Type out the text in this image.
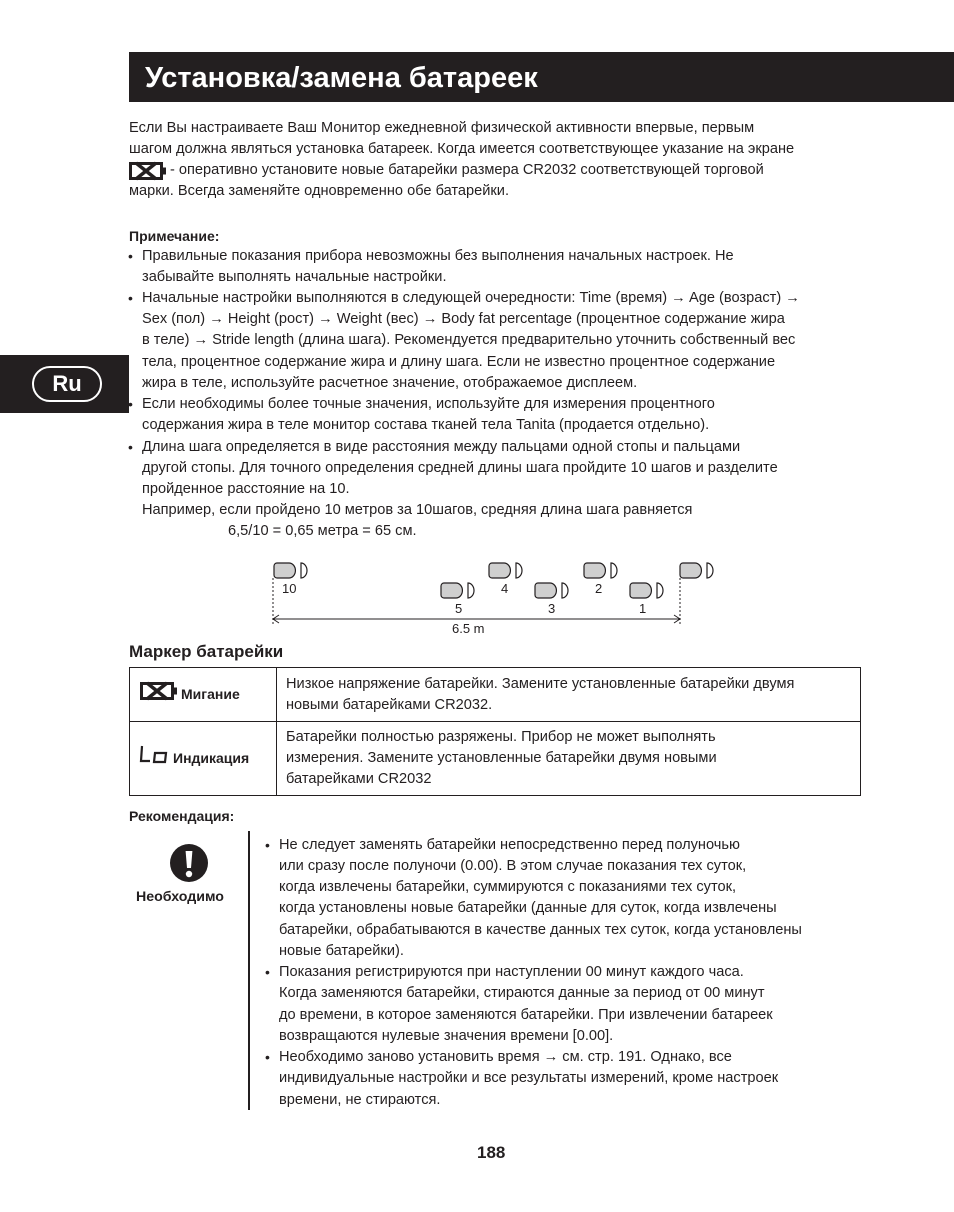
Установка/замена батареек
Ru
Если Вы настраиваете Ваш Монитор ежедневной физической активности впервые, первым
шагом должна являться установка батареек. Когда имеется соответствующее указание на экране
- оперативно установите новые батарейки размера CR2032 соответствующей торговой
марки. Всегда заменяйте одновременно обе батарейки.
Примечание:
• Правильные показания прибора невозможны без выполнения начальных настроек. Не
забывайте выполнять начальные настройки.
• Начальные настройки выполняются в следующей очередности: Time (время) → Age (возраст) →
Sex (пол) → Height (рост) → Weight (вес) → Body fat percentage (процентное содержание жира
в теле) → Stride length (длина шага). Рекомендуется предварительно уточнить собственный вес
тела, процентное содержание жира и длину шага. Если не известно процентное содержание
жира в теле, используйте расчетное значение, отображаемое дисплеем.
• Если необходимы более точные значения, используйте для измерения процентного
содержания жира в теле монитор состава тканей тела Tanita (продается отдельно).
• Длина шага определяется в виде расстояния между пальцами одной стопы и пальцами
другой стопы. Для точного определения средней длины шага пройдите 10 шагов и разделите
пройденное расстояние на 10.
Например, если пройдено 10 метров за 10шагов, средняя длина шага равняется
6,5/10 = 0,65 метра = 65 см.
10
5
4
3
2
1
6.5 m
Маркер батарейки
Мигание	Низкое напряжение батарейки. Замените установленные батарейки двумя
новыми батарейками CR2032.

Индикация	Батарейки полностью разряжены. Прибор не может выполнять
измерения. Замените установленные батарейки двумя новыми
батарейками CR2032
Рекомендация:
Необходимо
• Не следует заменять батарейки непосредственно перед полуночью
или сразу после полуночи (0.00). В этом случае показания тех суток,
когда извлечены батарейки, суммируются с показаниями тех суток,
когда установлены новые батарейки (данные для суток, когда извлечены
батарейки, обрабатываются в качестве данных тех суток, когда установлены
новые батарейки).
• Показания регистрируются при наступлении 00 минут каждого часа.
Когда заменяются батарейки, стираются данные за период от 00 минут
до времени, в которое заменяются батарейки. При извлечении батареек
возвращаются нулевые значения времени [0.00].
• Необходимо заново установить время → см. стр. 191. Однако, все
индивидуальные настройки и все результаты измерений, кроме настроек
времени, не стираются.
188
